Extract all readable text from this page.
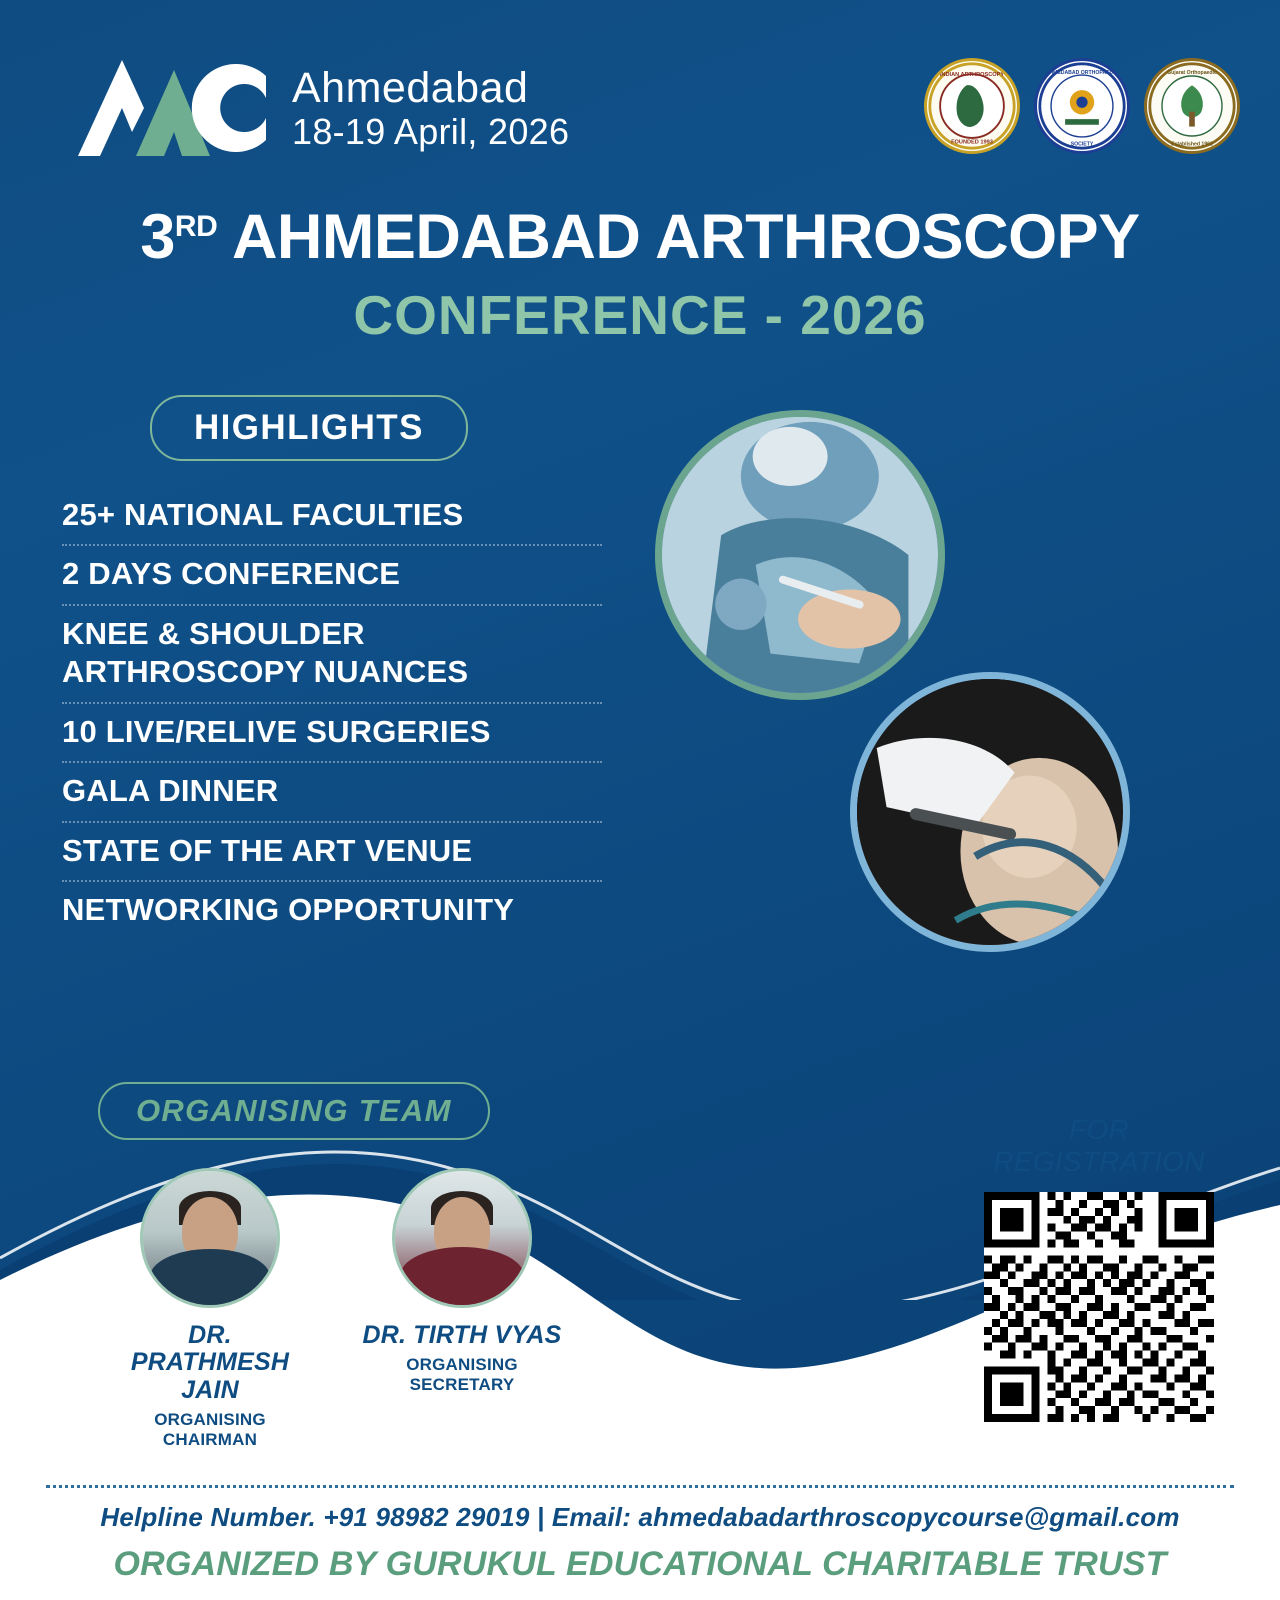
Ahmedabad
18-19 April, 2026
INDIAN ARTHROSCOPY
FOUNDED 1993
AHMEDABAD ORTHOPAEDIC
SOCIETY
Gujarat Orthopaedic
Established 1962
3RD AHMEDABAD ARTHROSCOPY
CONFERENCE - 2026
HIGHLIGHTS
25+ NATIONAL FACULTIES
2 DAYS CONFERENCE
KNEE & SHOULDER ARTHROSCOPY NUANCES
10 LIVE/RELIVE SURGERIES
GALA DINNER
STATE OF THE ART VENUE
NETWORKING OPPORTUNITY
ORGANISING TEAM
DR. PRATHMESH JAIN
ORGANISING CHAIRMAN
DR. TIRTH VYAS
ORGANISING SECRETARY
FOR
REGISTRATION
Helpline Number. +91 98982 29019 | Email: ahmedabadarthroscopycourse@gmail.com
ORGANIZED BY GURUKUL EDUCATIONAL CHARITABLE TRUST
